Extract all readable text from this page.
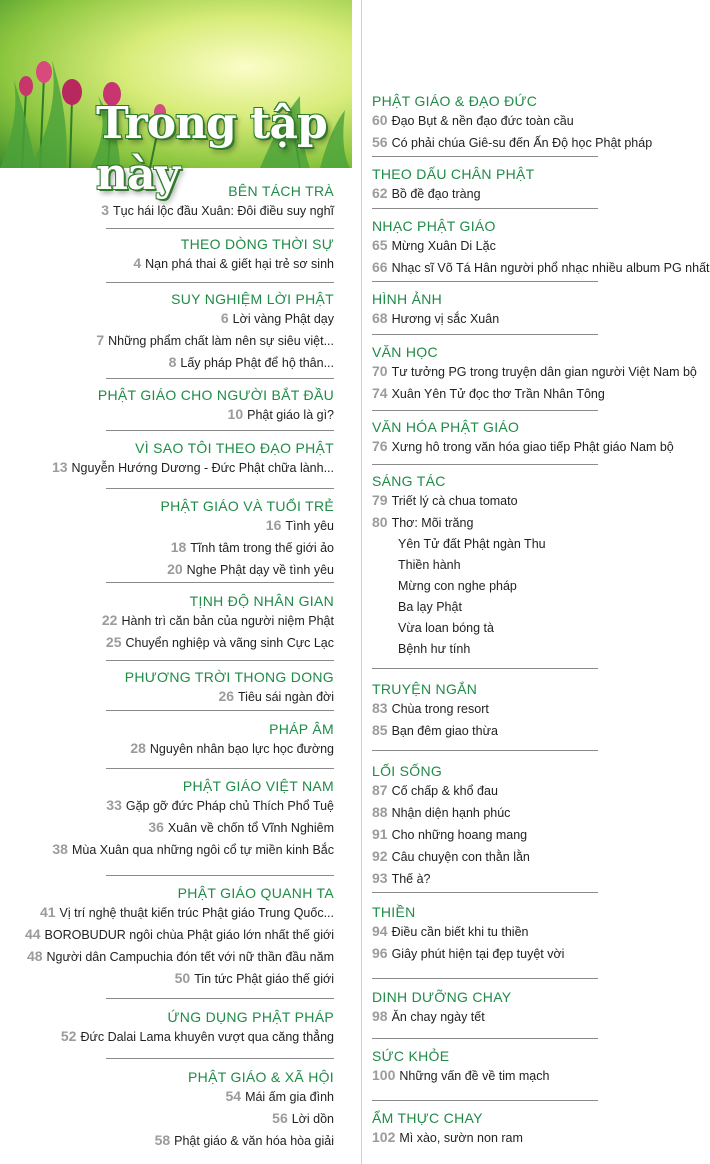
Trong tập này	BÊN TÁCH TRÀ
3 Tục hái lộc đầu Xuân: Đôi điều suy nghĩ
THEO DÒNG THỜI SỰ
4 Nạn phá thai & giết hại trẻ sơ sinh
SUY NGHIỆM LỜI PHẬT
6 Lời vàng Phật dạy
7 Những phẩm chất làm nên sự siêu việt...
8 Lấy pháp Phật để hộ thân...
PHẬT GIÁO CHO NGƯỜI BẮT ĐẦU
10 Phật giáo là gì?
VÌ SAO TÔI THEO ĐẠO PHẬT
13 Nguyễn Hướng Dương - Đức Phật chữa lành...
PHẬT GIÁO VÀ TUỔI TRẺ
16 Tình yêu
18 Tĩnh tâm trong thế giới ảo
20 Nghe Phật dạy về tình yêu
TỊNH ĐỘ NHÂN GIAN
22 Hành trì căn bản của người niệm Phật
25 Chuyển nghiệp và vãng sinh Cực Lạc
PHƯƠNG TRỜI THONG DONG
26 Tiêu sái ngàn đời
PHÁP ÂM
28 Nguyên nhân bạo lực học đường
PHẬT GIÁO VIỆT NAM
33 Gặp gỡ đức Pháp chủ Thích Phổ Tuệ
36 Xuân về chốn tổ Vĩnh Nghiêm
38 Mùa Xuân qua những ngôi cổ tự miền kinh Bắc
PHẬT GIÁO QUANH TA
41 Vị trí nghệ thuật kiến trúc Phật giáo Trung Quốc...
44 BOROBUDUR ngôi chùa Phật giáo lớn nhất thế giới
48 Người dân Campuchia đón tết với nữ thần đầu năm
50 Tin tức Phật giáo thế giới
ỨNG DỤNG PHẬT PHÁP
52 Đức Dalai Lama khuyên vượt qua căng thẳng
PHẬT GIÁO & XÃ HỘI
54 Mái ấm gia đình
56 Lời dồn
58 Phật giáo & văn hóa hòa giải
PHẬT GIÁO & ĐẠO ĐỨC
60 Đạo Bụt & nền đạo đức toàn cầu
56 Có phải chúa Giê-su đến Ấn Độ học Phật pháp
THEO DẤU CHÂN PHẬT
62 Bồ đề đạo tràng
NHẠC PHẬT GIÁO
65 Mừng Xuân Di Lặc
66 Nhạc sĩ Võ Tá Hân người phổ nhạc nhiều album PG nhất
HÌNH ẢNH
68 Hương vị sắc Xuân
VĂN HỌC
70 Tư tưởng PG trong truyện dân gian người Việt Nam bộ
74 Xuân Yên Tử đọc thơ Trần Nhân Tông
VĂN HÓA PHẬT GIÁO
76 Xưng hô trong văn hóa giao tiếp Phật giáo Nam bộ
SÁNG TÁC
79 Triết lý cà chua tomato
80 Thơ: Mõi trăng
Yên Tử đất Phật ngàn Thu
Thiền hành
Mừng con nghe pháp
Ba lạy Phật
Vừa loan bóng tà
Bệnh hư tính
TRUYỆN NGẮN
83 Chùa trong resort
85 Bạn đêm giao thừa
LỐI SỐNG
87 Cố chấp & khổ đau
88 Nhận diện hạnh phúc
91 Cho những hoang mang
92 Câu chuyện con thằn lằn
93 Thế à?
THIỀN
94 Điều cần biết khi tu thiền
96 Giây phút hiện tại đẹp tuyệt vời
DINH DƯỠNG CHAY
98 Ăn chay ngày tết
SỨC KHỎE
100 Những vấn đề về tim mạch
ẨM THỰC CHAY
102 Mì xào, sườn non ram
